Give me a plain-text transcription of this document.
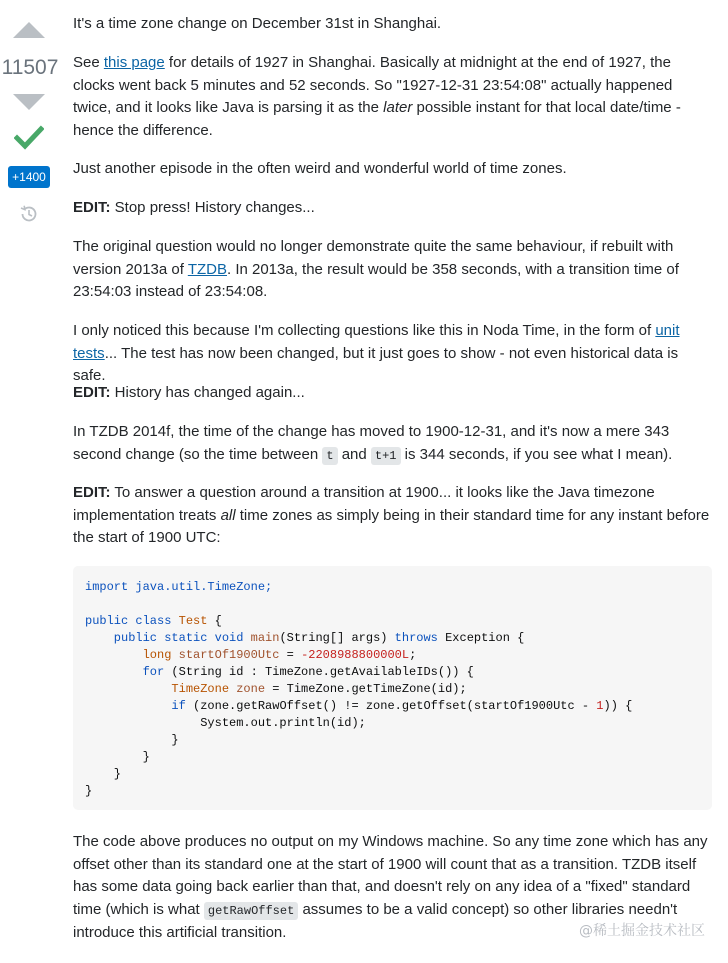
11507
+1400

It's a time zone change on December 31st in Shanghai.

See this page for details of 1927 in Shanghai. Basically at midnight at the end of 1927, the clocks went back 5 minutes and 52 seconds. So "1927-12-31 23:54:08" actually happened twice, and it looks like Java is parsing it as the later possible instant for that local date/time - hence the difference.

Just another episode in the often weird and wonderful world of time zones.

EDIT: Stop press! History changes...

The original question would no longer demonstrate quite the same behaviour, if rebuilt with version 2013a of TZDB. In 2013a, the result would be 358 seconds, with a transition time of 23:54:03 instead of 23:54:08.

I only noticed this because I'm collecting questions like this in Noda Time, in the form of unit tests... The test has now been changed, but it just goes to show - not even historical data is safe.

EDIT: History has changed again...

In TZDB 2014f, the time of the change has moved to 1900-12-31, and it's now a mere 343 second change (so the time between t and t+1 is 344 seconds, if you see what I mean).

EDIT: To answer a question around a transition at 1900... it looks like the Java timezone implementation treats all time zones as simply being in their standard time for any instant before the start of 1900 UTC:

import java.util.TimeZone;

public class Test {
public static void main(String[] args) throws Exception {
long startOf1900Utc = -2208988800000L;
for (String id : TimeZone.getAvailableIDs()) {
TimeZone zone = TimeZone.getTimeZone(id);
if (zone.getRawOffset() != zone.getOffset(startOf1900Utc - 1)) {
System.out.println(id);
}
}
}
}

The code above produces no output on my Windows machine. So any time zone which has any offset other than its standard one at the start of 1900 will count that as a transition. TZDB itself has some data going back earlier than that, and doesn't rely on any idea of a "fixed" standard time (which is what getRawOffset assumes to be a valid concept) so other libraries needn't introduce this artificial transition.	@稀土掘金技术社区
